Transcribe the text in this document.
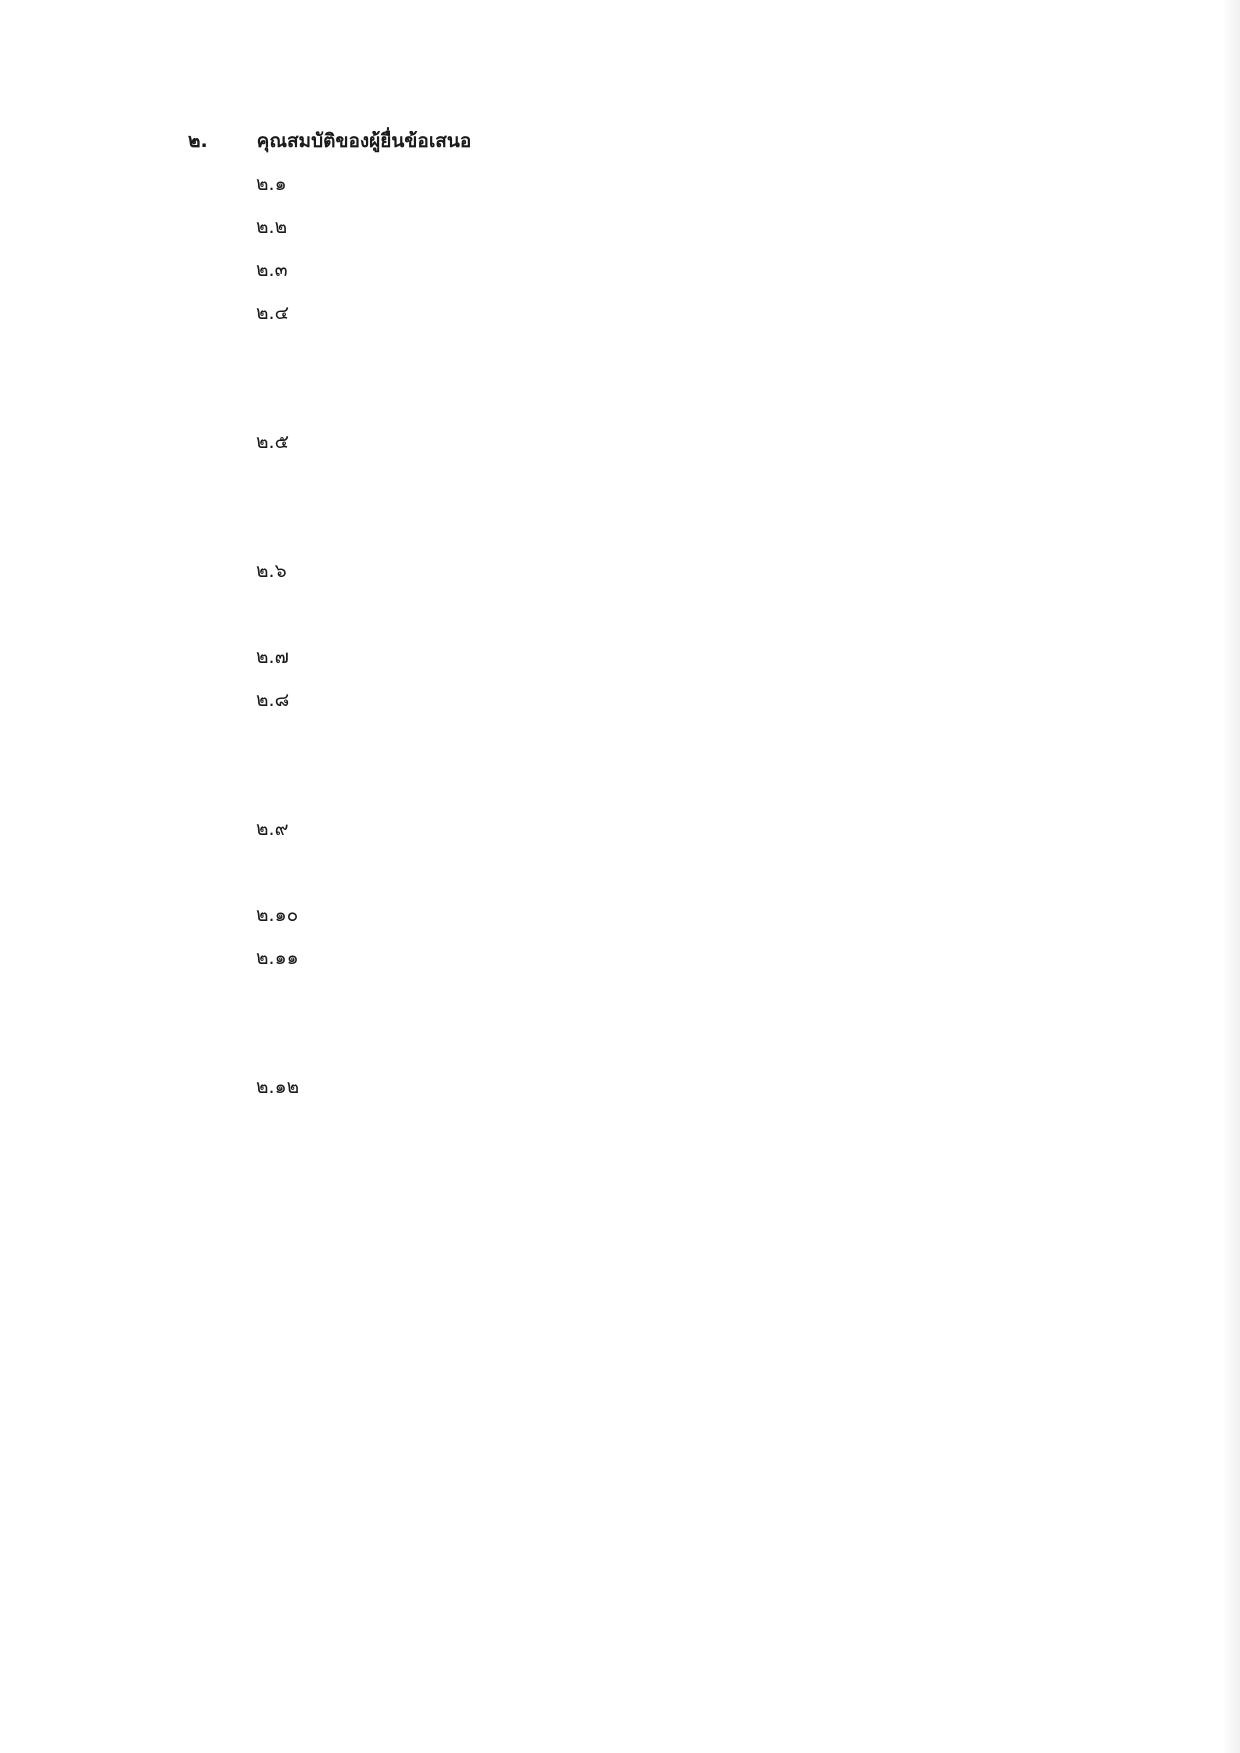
๒.	คุณสมบัติของผู้ยื่นข้อเสนอ
๒.๑
๒.๒
๒.๓
๒.๔
๒.๕
๒.๖
๒.๗
๒.๘
๒.๙
๒.๑๐
๒.๑๑
๒.๑๒
